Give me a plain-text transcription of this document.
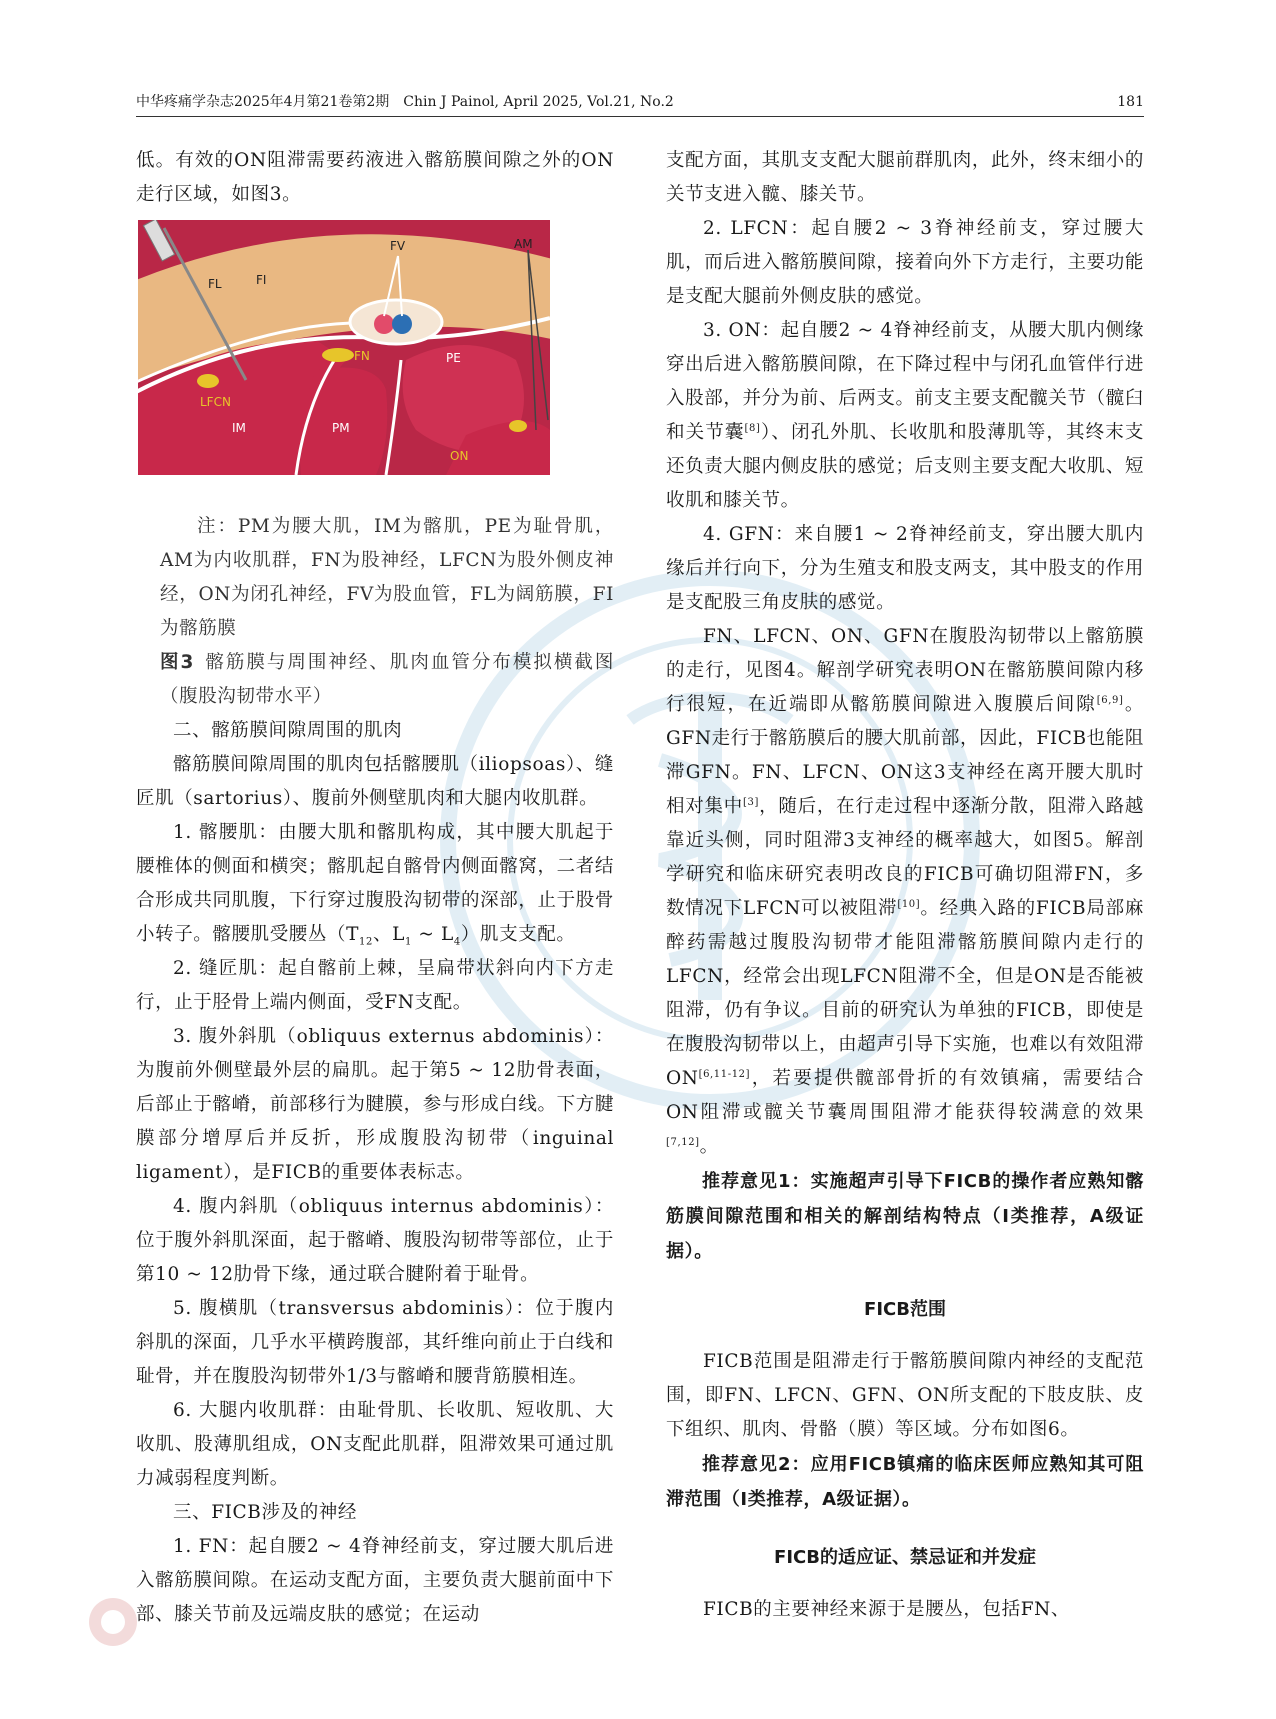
中华疼痛学杂志2025年4月第21卷第2期　Chin J Painol, April 2025, Vol.21, No.2	181

低。有效的ON阻滞需要药液进入髂筋膜间隙之外的ON走行区域，如图3。

FV	AM
FL	FI
FN	PE
LFCN
IM	PM
ON

注：PM为腰大肌，IM为髂肌，PE为耻骨肌，AM为内收肌群，FN为股神经，LFCN为股外侧皮神经，ON为闭孔神经，FV为股血管，FL为阔筋膜，FI为髂筋膜

图3 髂筋膜与周围神经、肌肉血管分布模拟横截图（腹股沟韧带水平）

二、髂筋膜间隙周围的肌肉

髂筋膜间隙周围的肌肉包括髂腰肌（iliopsoas）、缝匠肌（sartorius）、腹前外侧壁肌肉和大腿内收肌群。

1. 髂腰肌：由腰大肌和髂肌构成，其中腰大肌起于腰椎体的侧面和横突；髂肌起自髂骨内侧面髂窝，二者结合形成共同肌腹，下行穿过腹股沟韧带的深部，止于股骨小转子。髂腰肌受腰丛（$T_{12}$、$L_1$ ~ $L_4$）肌支支配。

2. 缝匠肌：起自髂前上棘，呈扁带状斜向内下方走行，止于胫骨上端内侧面，受FN支配。

3. 腹外斜肌（obliquus externus abdominis）：为腹前外侧壁最外层的扁肌。起于第5 ~ 12肋骨表面，后部止于髂嵴，前部移行为腱膜，参与形成白线。下方腱膜部分增厚后并反折，形成腹股沟韧带（inguinal ligament），是FICB的重要体表标志。

4. 腹内斜肌（obliquus internus abdominis）：位于腹外斜肌深面，起于髂嵴、腹股沟韧带等部位，止于第10 ~ 12肋骨下缘，通过联合腱附着于耻骨。

5. 腹横肌（transversus abdominis）：位于腹内斜肌的深面，几乎水平横跨腹部，其纤维向前止于白线和耻骨，并在腹股沟韧带外1/3与髂嵴和腰背筋膜相连。

6. 大腿内收肌群：由耻骨肌、长收肌、短收肌、大收肌、股薄肌组成，ON支配此肌群，阻滞效果可通过肌力减弱程度判断。

三、FICB涉及的神经

1. FN：起自腰2 ~ 4脊神经前支，穿过腰大肌后进入髂筋膜间隙。在运动支配方面，主要负责大腿前面中下部、膝关节前及远端皮肤的感觉；在运动

支配方面，其肌支支配大腿前群肌肉，此外，终末细小的关节支进入髋、膝关节。

2. LFCN：起自腰2 ~ 3脊神经前支，穿过腰大肌，而后进入髂筋膜间隙，接着向外下方走行，主要功能是支配大腿前外侧皮肤的感觉。

3. ON：起自腰2 ~ 4脊神经前支，从腰大肌内侧缘穿出后进入髂筋膜间隙，在下降过程中与闭孔血管伴行进入股部，并分为前、后两支。前支主要支配髋关节（髋臼和关节囊[8]）、闭孔外肌、长收肌和股薄肌等，其终末支还负责大腿内侧皮肤的感觉；后支则主要支配大收肌、短收肌和膝关节。

4. GFN：来自腰1 ~ 2脊神经前支，穿出腰大肌内缘后并行向下，分为生殖支和股支两支，其中股支的作用是支配股三角皮肤的感觉。

FN、LFCN、ON、GFN在腹股沟韧带以上髂筋膜的走行，见图4。解剖学研究表明ON在髂筋膜间隙内移行很短，在近端即从髂筋膜间隙进入腹膜后间隙[6,9]。GFN走行于髂筋膜后的腰大肌前部，因此，FICB也能阻滞GFN。FN、LFCN、ON这3支神经在离开腰大肌时相对集中[3]，随后，在行走过程中逐渐分散，阻滞入路越靠近头侧，同时阻滞3支神经的概率越大，如图5。解剖学研究和临床研究表明改良的FICB可确切阻滞FN，多数情况下LFCN可以被阻滞[10]。经典入路的FICB局部麻醉药需越过腹股沟韧带才能阻滞髂筋膜间隙内走行的LFCN，经常会出现LFCN阻滞不全，但是ON是否能被阻滞，仍有争议。目前的研究认为单独的FICB，即使是在腹股沟韧带以上，由超声引导下实施，也难以有效阻滞ON[6,11-12]，若要提供髋部骨折的有效镇痛，需要结合ON阻滞或髋关节囊周围阻滞才能获得较满意的效果[7,12]。

推荐意见1：实施超声引导下FICB的操作者应熟知髂筋膜间隙范围和相关的解剖结构特点（Ⅰ类推荐，A级证据）。

FICB范围

FICB范围是阻滞走行于髂筋膜间隙内神经的支配范围，即FN、LFCN、GFN、ON所支配的下肢皮肤、皮下组织、肌肉、骨骼（膜）等区域。分布如图6。

推荐意见2：应用FICB镇痛的临床医师应熟知其可阻滞范围（Ⅰ类推荐，A级证据）。

FICB的适应证、禁忌证和并发症

FICB的主要神经来源于是腰丛，包括FN、
